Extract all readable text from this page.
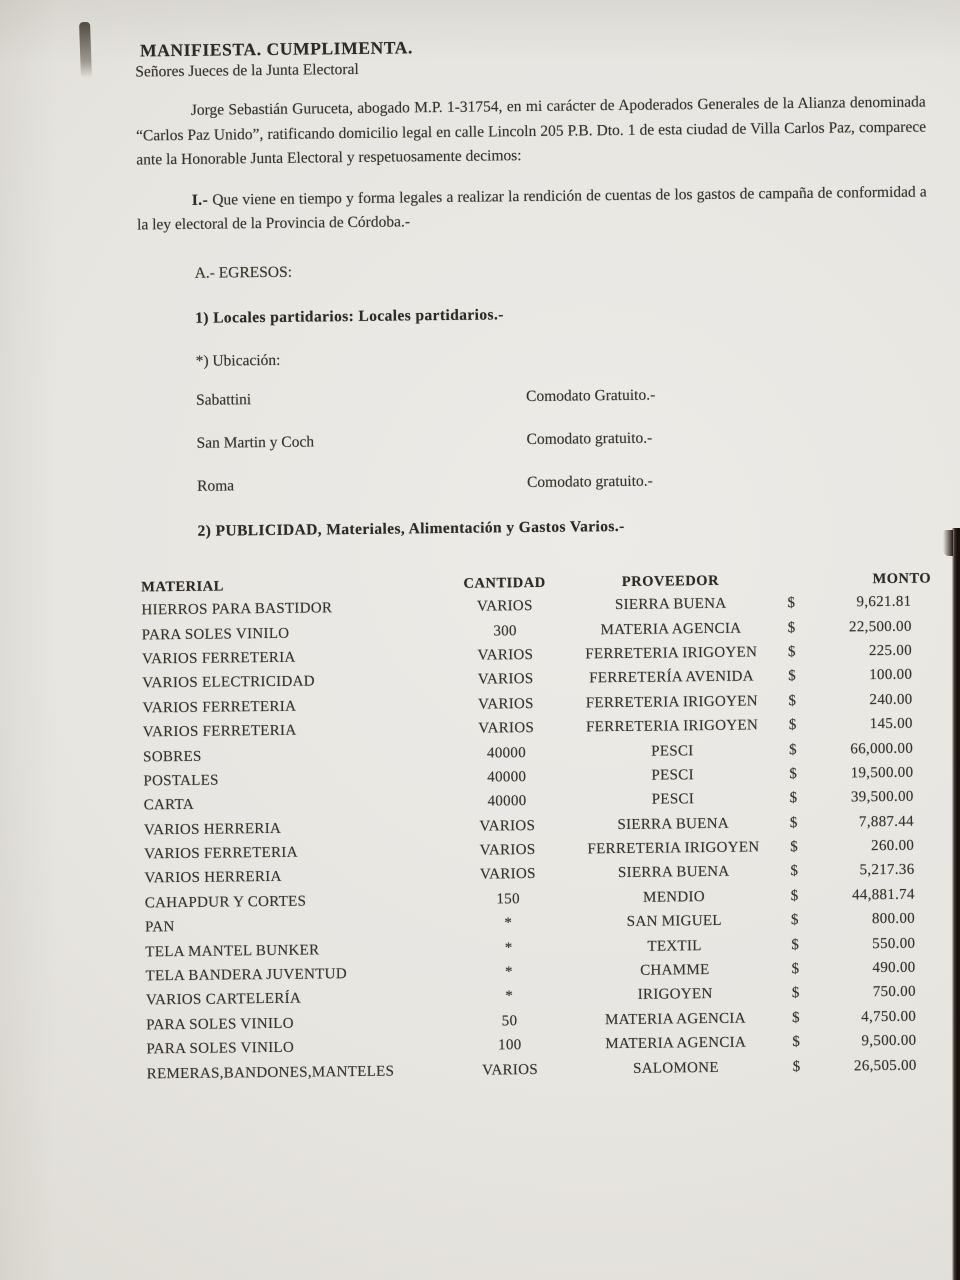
MANIFIESTA. CUMPLIMENTA.

Señores Jueces de la Junta Electoral

Jorge Sebastián Guruceta, abogado M.P. 1-31754, en mi carácter de Apoderados Generales de la Alianza denominada “Carlos Paz Unido”, ratificando domicilio legal en calle Lincoln 205 P.B. Dto. 1 de esta ciudad de Villa Carlos Paz, comparece ante la Honorable Junta Electoral y respetuosamente decimos:

I.- Que viene en tiempo y forma legales a realizar la rendición de cuentas de los gastos de campaña de conformidad a la ley electoral de la Provincia de Córdoba.-

A.- EGRESOS:

1) Locales partidarios: Locales partidarios.-

*) Ubicación:

Sabattini	Comodato Gratuito.-
San Martin y Coch	Comodato gratuito.-
Roma	Comodato gratuito.-

2) PUBLICIDAD, Materiales, Alimentación y Gastos Varios.-

MATERIAL	CANTIDAD	PROVEEDOR	MONTO
HIERROS PARA BASTIDOR	VARIOS	SIERRA BUENA	$ 9,621.81

PARA SOLES VINILO	300	MATERIA AGENCIA	$ 22,500.00

VARIOS FERRETERIA	VARIOS	FERRETERIA IRIGOYEN	$ 225.00

VARIOS ELECTRICIDAD	VARIOS	FERRETERÍA AVENIDA	$ 100.00

VARIOS FERRETERIA	VARIOS	FERRETERIA IRIGOYEN	$ 240.00

VARIOS FERRETERIA	VARIOS	FERRETERIA IRIGOYEN	$ 145.00

SOBRES	40000	PESCI	$ 66,000.00

POSTALES	40000	PESCI	$ 19,500.00

CARTA	40000	PESCI	$ 39,500.00

VARIOS HERRERIA	VARIOS	SIERRA BUENA	$ 7,887.44

VARIOS FERRETERIA	VARIOS	FERRETERIA IRIGOYEN	$ 260.00

VARIOS HERRERIA	VARIOS	SIERRA BUENA	$ 5,217.36

CAHAPDUR Y CORTES	150	MENDIO	$ 44,881.74

PAN	*	SAN MIGUEL	$ 800.00

TELA MANTEL BUNKER	*	TEXTIL	$ 550.00

TELA BANDERA JUVENTUD	*	CHAMME	$ 490.00

VARIOS CARTELERÍA	*	IRIGOYEN	$ 750.00

PARA SOLES VINILO	50	MATERIA AGENCIA	$ 4,750.00

PARA SOLES VINILO	100	MATERIA AGENCIA	$ 9,500.00

REMERAS,BANDONES,MANTELES	VARIOS	SALOMONE	$ 26,505.00
